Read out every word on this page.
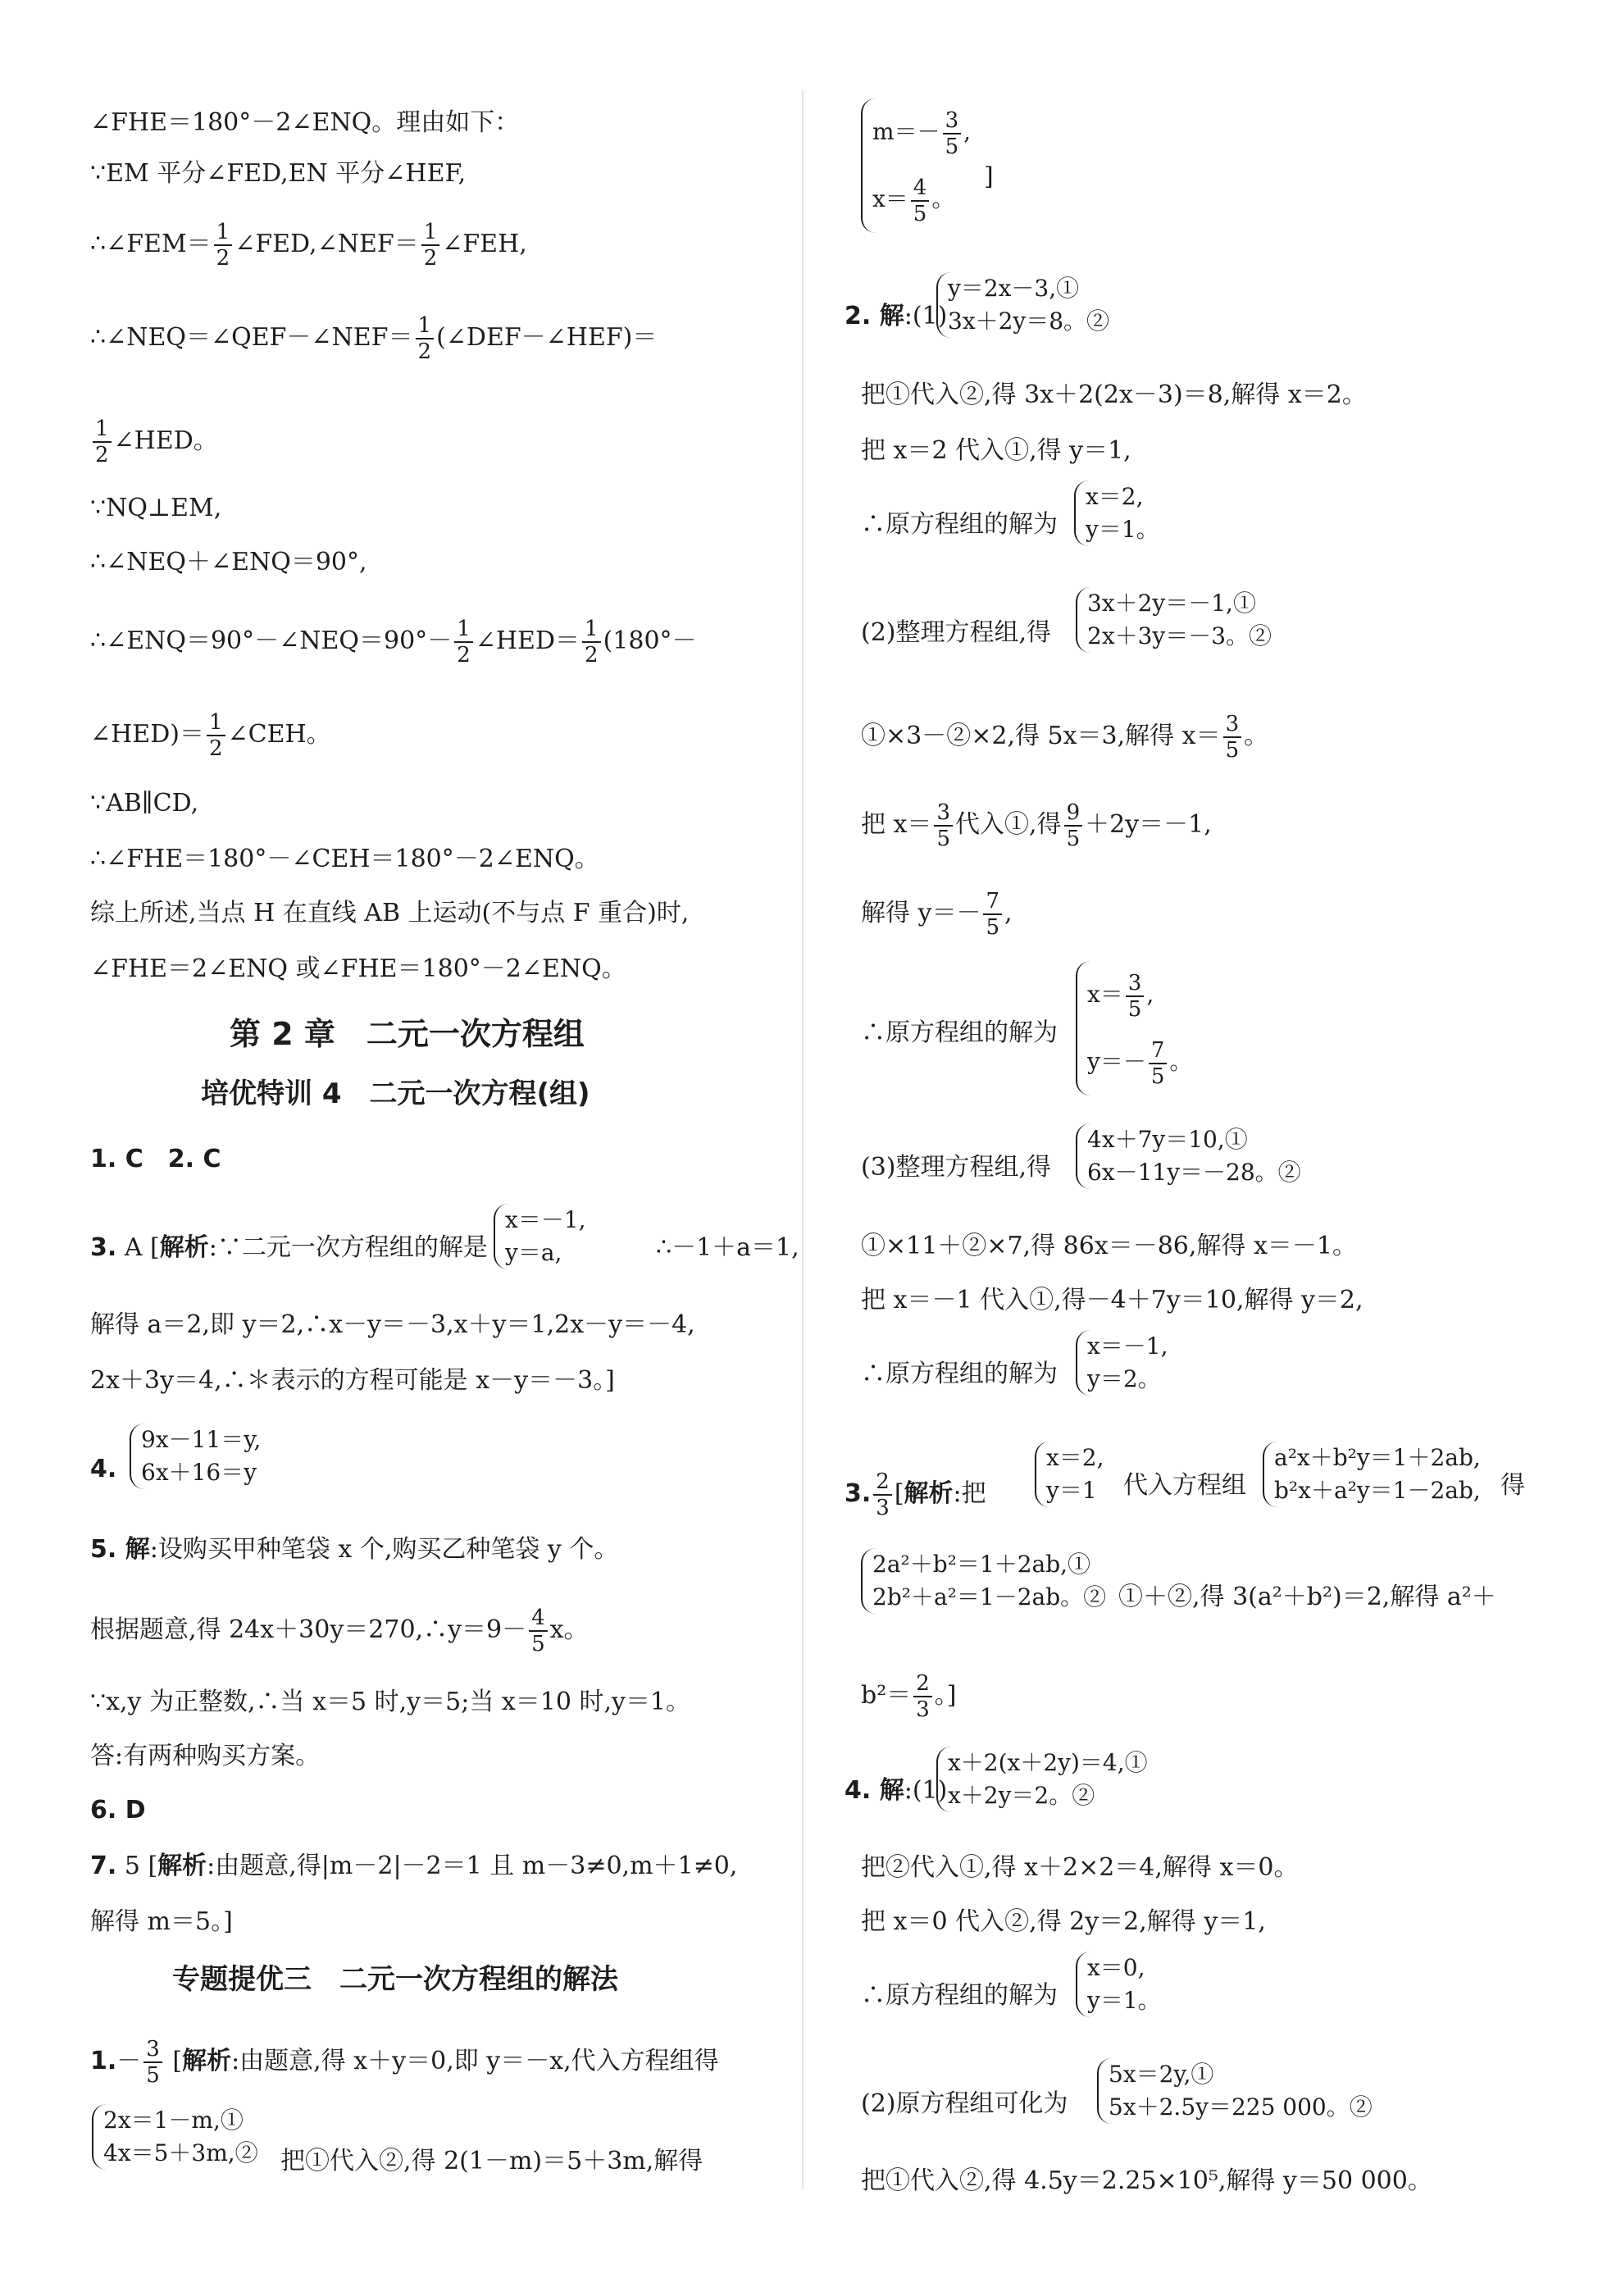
∠FHE＝180°－2∠ENQ。理由如下：
∵EM 平分∠FED,EN 平分∠HEF,
∴∠FEM＝ $\frac{1}{2}$ ∠FED,∠NEF＝ $\frac{1}{2}$ ∠FEH,
∴∠NEQ＝∠QEF－∠NEF＝ $\frac{1}{2}$ (∠DEF－∠HEF)＝
$\frac{1}{2}$ ∠HED。
∵NQ⊥EM,
∴∠NEQ＋∠ENQ＝90°,
∴∠ENQ＝90°－∠NEQ＝90°－ $\frac{1}{2}$ ∠HED＝ $\frac{1}{2} (180^\circ-$
∠HED)＝ $\frac{1}{2}$ ∠CEH。
∵AB∥CD,
∴∠FHE＝180°－∠CEH＝180°－2∠ENQ。
综上所述,当点 H 在直线 AB 上运动(不与点 F 重合)时,
∠FHE＝2∠ENQ 或∠FHE＝180°－2∠ENQ。
第 2 章　二元一次方程组
培优特训 4　二元一次方程(组)
1. C　2. C
3. A [解析:∵二元一次方程组的解是
x＝－1,
y＝a,	∴－1＋a＝1,
解得 a＝2,即 y＝2,∴x－y＝－3,x＋y＝1,2x－y＝－4,
2x＋3y＝4,∴＊表示的方程可能是 x－y＝－3。]
4.
9x－11＝y,
6x＋16＝y
5. 解:设购买甲种笔袋 x 个,购买乙种笔袋 y 个。
根据题意,得 24x＋30y＝270,∴y＝9－ $\frac{4}{5}$ x。
∵x,y 为正整数,∴当 x＝5 时,y＝5;当 x＝10 时,y＝1。
答:有两种购买方案。
6. D
7. 5 [解析:由题意,得|m－2|－2＝1 且 m－3≠0,m＋1≠0,
解得 m＝5。]
专题提优三　二元一次方程组的解法
$1.- \frac{3}{5}$ [解析:由题意,得 x＋y＝0,即 y＝－x,代入方程组得
2x＝1－m,①
4x＝5＋3m,② 把①代入②,得 2(1－m)＝5＋3m,解得
$m=- \frac{3}{5}$ ,
$x= \frac{4}{5}$ 。
]
2. 解:(1)
y＝2x－3,①
3x＋2y＝8。②
把①代入②,得 3x＋2(2x－3)＝8,解得 x＝2。
把 x＝2 代入①,得 y＝1,
∴原方程组的解为
x＝2,
y＝1。
(2)整理方程组,得
3x＋2y＝－1,①
2x＋3y＝－3。②
①×3－②×2,得 5x＝3,解得 $x= \frac{3}{5}$ 。
把 $x= \frac{3}{5}$ 代入①,得 $\frac{9}{5} +2y=-1$,
解得 $y=- \frac{7}{5}$ ,
∴原方程组的解为
$x= \frac{3}{5}$ ,
$y=- \frac{7}{5}$ 。
(3)整理方程组,得
4x＋7y＝10,①
6x－11y＝－28。②
①×11＋②×7,得 86x＝－86,解得 x＝－1。
把 x＝－1 代入①,得－4＋7y＝10,解得 y＝2,
∴原方程组的解为
x＝－1,
y＝2。
3. $\frac{2}{3}$ [解析:把
x＝2,
y＝1 代入方程组
a²x＋b²y＝1＋2ab,
b²x＋a²y＝1－2ab, 得
2a²＋b²＝1＋2ab,①
2b²＋a²＝1－2ab。② ①＋②,得 3(a²＋b²)＝2,解得 a²＋
$b^2= \frac{2}{3}$ 。]
4. 解:(1)
x＋2(x＋2y)＝4,①
x＋2y＝2。②
把②代入①,得 x＋2×2＝4,解得 x＝0。
把 x＝0 代入②,得 2y＝2,解得 y＝1,
∴原方程组的解为
x＝0,
y＝1。
(2)原方程组可化为
5x＝2y,①
5x＋2.5y＝225 000。②
把①代入②,得 4.5y＝2.25×10⁵,解得 y＝50 000。
